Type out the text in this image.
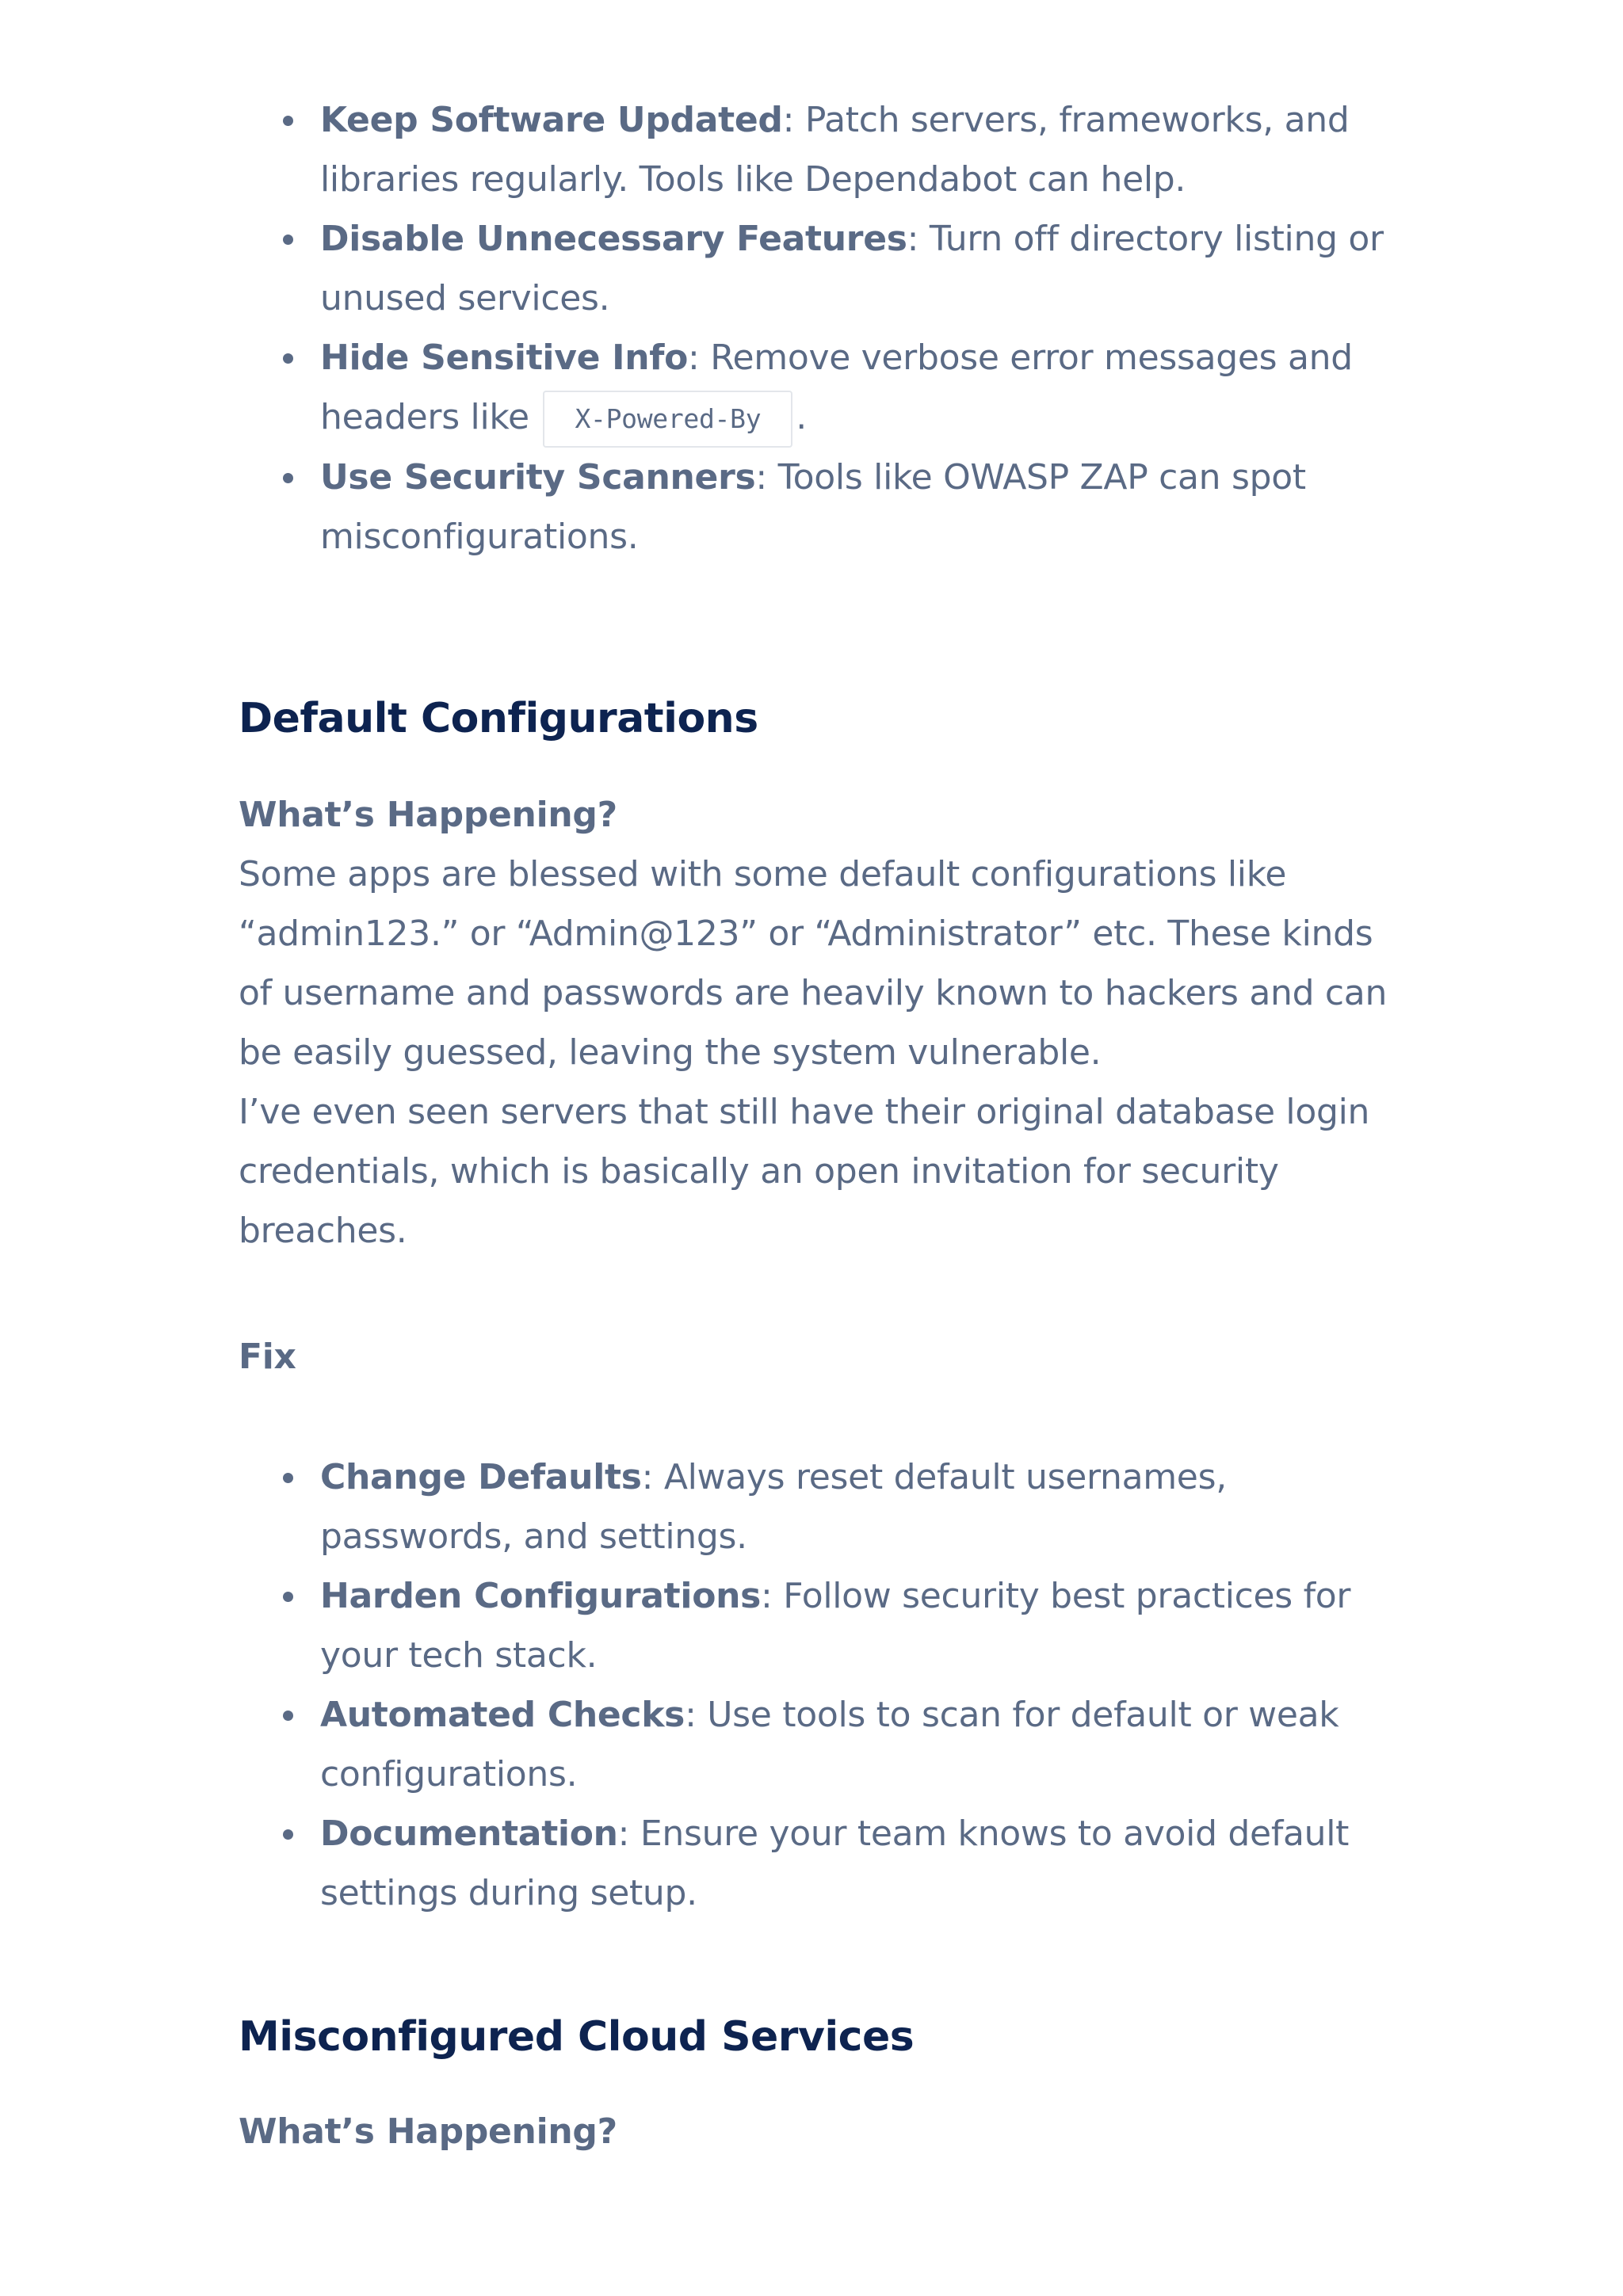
Keep Software Updated: Patch servers, frameworks, and libraries regularly. Tools like Dependabot can help.
Disable Unnecessary Features: Turn off directory listing or unused services.
Hide Sensitive Info: Remove verbose error messages and headers like X-Powered-By .
Use Security Scanners: Tools like OWASP ZAP can spot misconfigurations.
Default Configurations
What’s Happening?

Some apps are blessed with some default configurations like “admin123.” or “Admin@123” or “Administrator” etc. These kinds of username and passwords are heavily known to hackers and can be easily guessed, leaving the system vulnerable.

I’ve even seen servers that still have their original database login credentials, which is basically an open invitation for security breaches.

Fix
Change Defaults: Always reset default usernames, passwords, and settings.
Harden Configurations: Follow security best practices for your tech stack.
Automated Checks: Use tools to scan for default or weak configurations.
Documentation: Ensure your team knows to avoid default settings during setup.
Misconfigured Cloud Services
What’s Happening?
